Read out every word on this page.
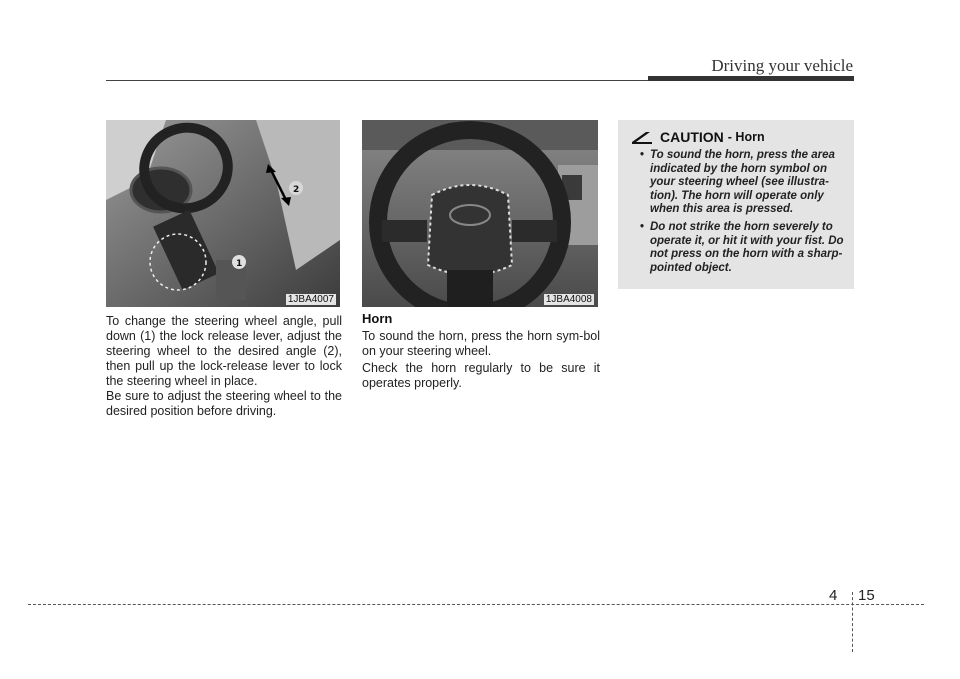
Driving your vehicle
1
2
1JBA4007	1JBA4008

To change the steering wheel angle, pull down (1) the lock release lever, adjust the steering wheel to the desired angle (2), then pull up the lock-release lever to lock the steering wheel in place.

Be sure to adjust the steering wheel to the desired position before driving.

Horn

To sound the horn, press the horn sym-bol on your steering wheel.

Check the horn regularly to be sure it operates properly.

CAUTION - Horn
• To sound the horn, press the area indicated by the horn symbol on your steering wheel (see illustra-tion). The horn will operate only when this area is pressed.
• Do not strike the horn severely to operate it, or hit it with your fist. Do not press on the horn with a sharp-pointed object.
4 15
